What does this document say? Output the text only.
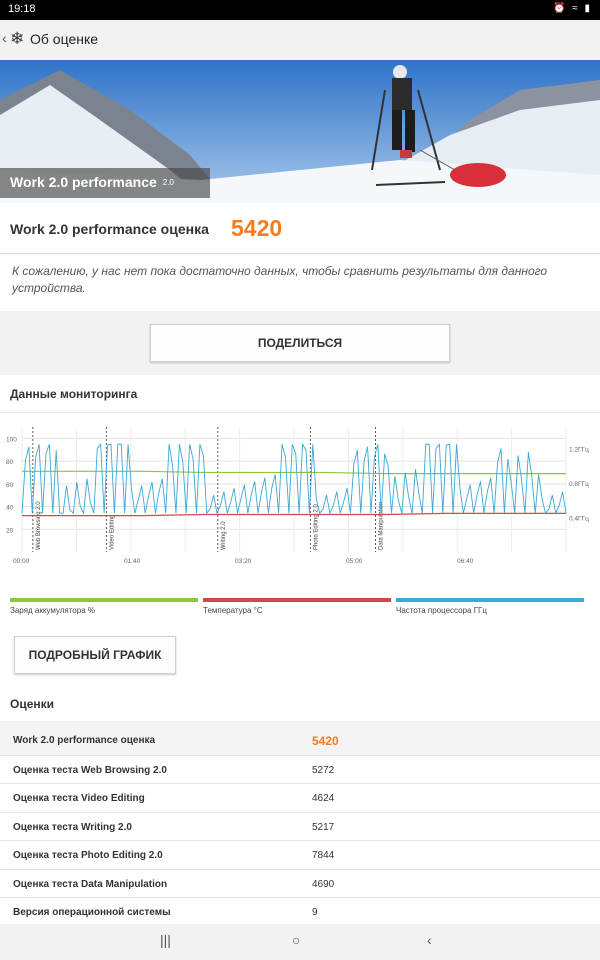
19:18	⏰ ≈ ▮
‹ ❄ Об оценке
Work 2.0 performance 2.0
Work 2.0 performance оценка 5420
К сожалению, у нас нет пока достаточно данных, чтобы сравнить результаты для данного устройства.
ПОДЕЛИТЬСЯ
Данные мониторинга
100
80
60
40
20
00:00	01:40	03:20	05:00	06:40
1.2ГГц
0.8ГГц
0.4ГГц
Web Browsing 2.0	Video Editing	Writing 2.0	Photo Editing 2.0	Data Manipulation
Заряд аккумулятора %	Температура °C	Частота процессора ГГц
ПОДРОБНЫЙ ГРАФИК
Оценки
Work 2.0 performance оценка	5420
Оценка теста Web Browsing 2.0	5272
Оценка теста Video Editing	4624
Оценка теста Writing 2.0	5217
Оценка теста Photo Editing 2.0	7844
Оценка теста Data Manipulation	4690
Версия операционной системы	9
|||	○	‹
